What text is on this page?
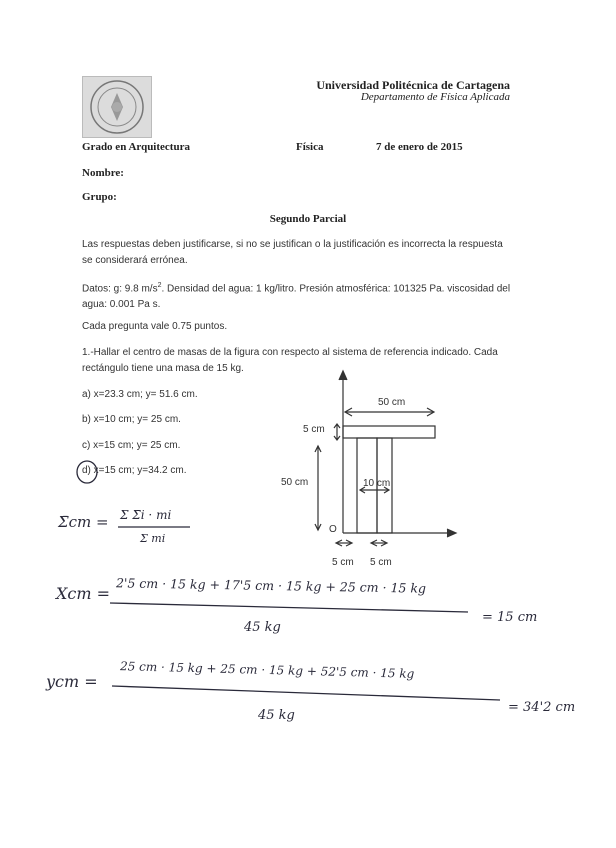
Universidad Politécnica de Cartagena
Departamento de Física Aplicada
Grado en Arquitectura	Física	7 de enero de 2015
Nombre:
Grupo:
Segundo Parcial
Las respuestas deben justificarse, si no se justifican o la justificación es incorrecta la respuesta se considerará errónea.
Datos: g: 9.8 $m/s^2$. Densidad del agua: 1 kg/litro. Presión atmosférica: 101325 Pa. viscosidad del agua: 0.001 Pa s.
Cada pregunta vale 0.75 puntos.
1.-Hallar el centro de masas de la figura con respecto al sistema de referencia indicado. Cada rectángulo tiene una masa de 15 kg.
a) x=23.3 cm; y= 51.6 cm.
b) x=10 cm; y= 25 cm.
c) x=15 cm; y= 25 cm.
d) x=15 cm; y=34.2 cm.
50 cm
5 cm
50 cm	10 cm
O
5 cm 5 cm
Σ̄cm = Σ Σ̄i · mi
Σ mi
Xcm = 2'5 cm · 15 kg + 17'5 cm · 15 kg + 25 cm · 15 kg
45 kg
= 15 cm
ycm =
25 cm · 15 kg + 25 cm · 15 kg + 52'5 cm · 15 kg
45 kg
= 34'2 cm
